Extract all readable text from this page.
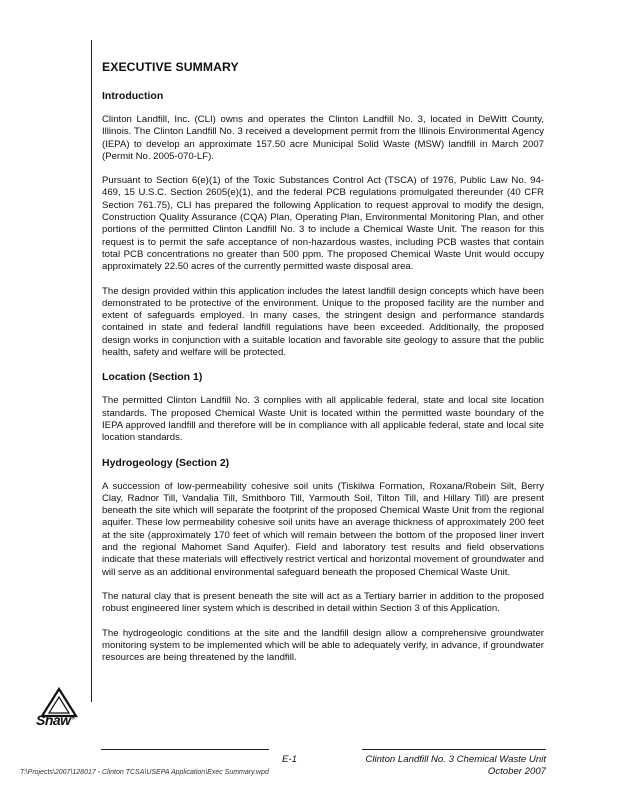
EXECUTIVE SUMMARY
Introduction

Clinton Landfill, Inc. (CLI) owns and operates the Clinton Landfill No. 3, located in DeWitt County, Illinois. The Clinton Landfill No. 3 received a development permit from the Illinois Environmental Agency (IEPA) to develop an approximate 157.50 acre Municipal Solid Waste (MSW) landfill in March 2007 (Permit No. 2005-070-LF).

Pursuant to Section 6(e)(1) of the Toxic Substances Control Act (TSCA) of 1976, Public Law No. 94-469, 15 U.S.C. Section 2605(e)(1), and the federal PCB regulations promulgated thereunder (40 CFR Section 761.75), CLI has prepared the following Application to request approval to modify the design, Construction Quality Assurance (CQA) Plan, Operating Plan, Environmental Monitoring Plan, and other portions of the permitted Clinton Landfill No. 3 to include a Chemical Waste Unit. The reason for this request is to permit the safe acceptance of non-hazardous wastes, including PCB wastes that contain total PCB concentrations no greater than 500 ppm. The proposed Chemical Waste Unit would occupy approximately 22.50 acres of the currently permitted waste disposal area.

The design provided within this application includes the latest landfill design concepts which have been demonstrated to be protective of the environment. Unique to the proposed facility are the number and extent of safeguards employed. In many cases, the stringent design and performance standards contained in state and federal landfill regulations have been exceeded. Additionally, the proposed design works in conjunction with a suitable location and favorable site geology to assure that the public health, safety and welfare will be protected.

Location (Section 1)

The permitted Clinton Landfill No. 3 complies with all applicable federal, state and local site location standards. The proposed Chemical Waste Unit is located within the permitted waste boundary of the IEPA approved landfill and therefore will be in compliance with all applicable federal, state and local site location standards.

Hydrogeology (Section 2)

A succession of low-permeability cohesive soil units (Tiskilwa Formation, Roxana/Robein Silt, Berry Clay, Radnor Till, Vandalia Till, Smithboro Till, Yarmouth Soil, Tilton Till, and Hillary Till) are present beneath the site which will separate the footprint of the proposed Chemical Waste Unit from the regional aquifer. These low permeability cohesive soil units have an average thickness of approximately 200 feet at the site (approximately 170 feet of which will remain between the bottom of the proposed liner invert and the regional Mahomet Sand Aquifer). Field and laboratory test results and field observations indicate that these materials will effectively restrict vertical and horizontal movement of groundwater and will serve as an additional environmental safeguard beneath the proposed Chemical Waste Unit.

The natural clay that is present beneath the site will act as a Tertiary barrier in addition to the proposed robust engineered liner system which is described in detail within Section 3 of this Application.

The hydrogeologic conditions at the site and the landfill design allow a comprehensive groundwater monitoring system to be implemented which will be able to adequately verify, in advance, if groundwater resources are being threatened by the landfill.

Shaw®
E-1	Clinton Landfill No. 3 Chemical Waste Unit
October 2007
T:\Projects\2007\128017 - Clinton TCSA\USEPA Application\Exec Summary.wpd
